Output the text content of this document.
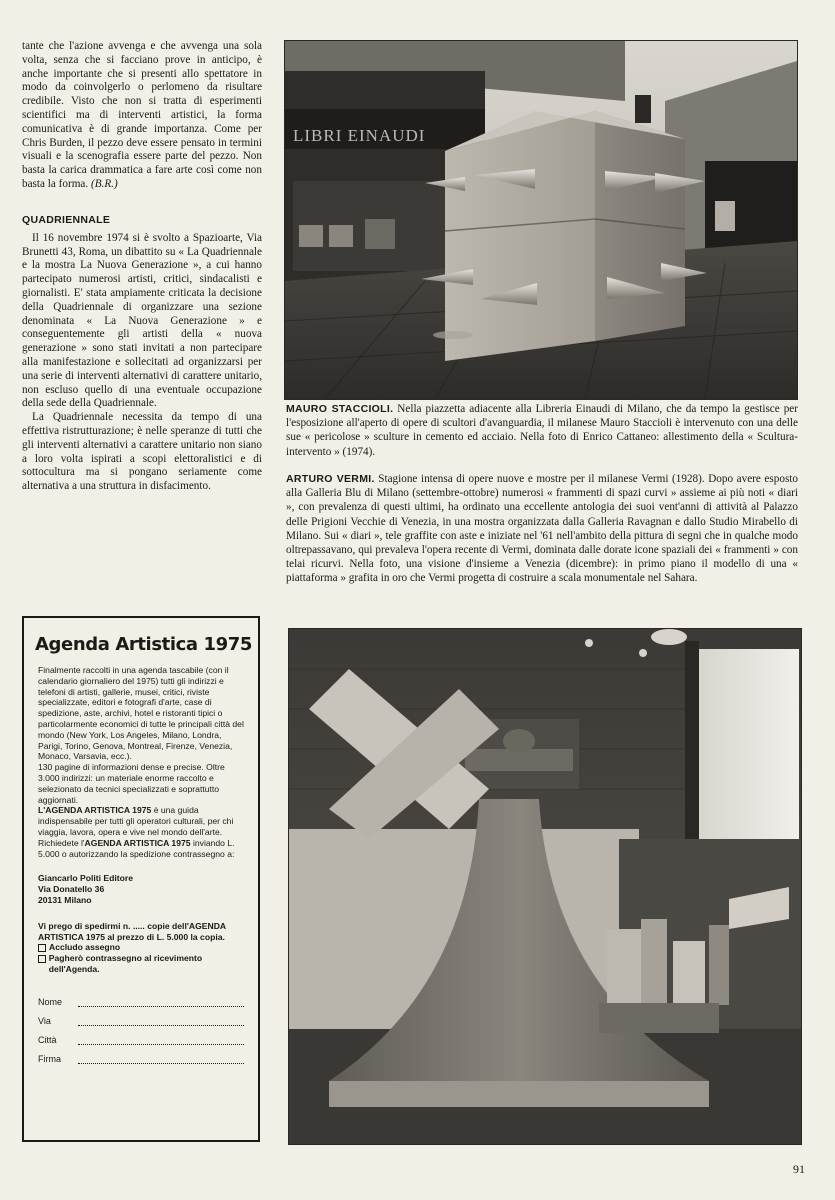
tante che l'azione avvenga e che avvenga una sola volta, senza che si facciano prove in anticipo, è anche importante che si presenti allo spettatore in modo da coinvolgerlo o perlomeno da risultare credibile. Visto che non si tratta di esperimenti scientifici ma di interventi artistici, la forma comunicativa è di grande importanza. Come per Chris Burden, il pezzo deve essere pensato in termini visuali e la scenografia essere parte del pezzo. Non basta la carica drammatica a fare arte così come non basta la forma. (B.R.)

QUADRIENNALE

Il 16 novembre 1974 si è svolto a Spazioarte, Via Brunetti 43, Roma, un dibattito su « La Quadriennale e la mostra La Nuova Generazione », a cui hanno partecipato numerosi artisti, critici, sindacalisti e giornalisti. E' stata ampiamente criticata la decisione della Quadriennale di organizzare una sezione denominata « La Nuova Generazione » e conseguentemente gli artisti della « nuova generazione » sono stati invitati a non partecipare alla manifestazione e sollecitati ad organizzarsi per una serie di interventi alternativi di carattere unitario, non escluso quello di una eventuale occupazione della sede della Quadriennale.

La Quadriennale necessita da tempo di una effettiva ristrutturazione; è nelle speranze di tutti che gli interventi alternativi a carattere unitario non siano a loro volta ispirati a scopi elettoralistici e di sottocultura ma si pongano seriamente come alternativa a una struttura in disfacimento.

Agenda Artistica 1975

Finalmente raccolti in una agenda tascabile (con il calendario giornaliero del 1975) tutti gli indirizzi e telefoni di artisti, gallerie, musei, critici, riviste specializzate, editori e fotografi d'arte, case di spedizione, aste, archivi, hotel e ristoranti tipici o particolarmente economici di tutte le principali città del mondo (New York, Los Angeles, Milano, Londra, Parigi, Torino, Genova, Montreal, Firenze, Venezia, Monaco, Varsavia, ecc.).

130 pagine di informazioni dense e precise. Oltre 3.000 indirizzi: un materiale enorme raccolto e selezionato da tecnici specializzati e soprattutto aggiornati.

L'AGENDA ARTISTICA 1975 è una guida indispensabile per tutti gli operatori culturali, per chi viaggia, lavora, opera e vive nel mondo dell'arte.

Richiedete l'AGENDA ARTISTICA 1975 inviando L. 5.000 o autorizzando la spedizione contrassegno a:

Giancarlo Politi Editore
Via Donatello 36
20131 Milano
Vi prego di spedirmi n. ..... copie dell'AGENDA ARTISTICA 1975 al prezzo di L. 5.000 la copia.
Accludo assegno
Pagherò contrassegno al ricevimento dell'Agenda.
Nome
Via
Città
Firma
LIBRI EINAUDI
MAURO STACCIOLI. Nella piazzetta adiacente alla Libreria Einaudi di Milano, che da tempo la gestisce per l'esposizione all'aperto di opere di scultori d'avanguardia, il milanese Mauro Staccioli è intervenuto con una delle sue « pericolose » sculture in cemento ed acciaio. Nella foto di Enrico Cattaneo: allestimento della « Scultura-intervento » (1974).
ARTURO VERMI. Stagione intensa di opere nuove e mostre per il milanese Vermi (1928). Dopo avere esposto alla Galleria Blu di Milano (settembre-ottobre) numerosi « frammenti di spazi curvi » assieme ai più noti « diari », con prevalenza di questi ultimi, ha ordinato una eccellente antologia dei suoi vent'anni di attività al Palazzo delle Prigioni Vecchie di Venezia, in una mostra organizzata dalla Galleria Ravagnan e dallo Studio Mirabello di Milano. Sui « diari », tele graffite con aste e iniziate nel '61 nell'ambito della pittura di segni che in qualche modo oltrepassavano, qui prevaleva l'opera recente di Vermi, dominata dalle dorate icone spaziali dei « frammenti » con telai ricurvi. Nella foto, una visione d'insieme a Venezia (dicembre): in primo piano il modello di una « piattaforma » grafita in oro che Vermi progetta di costruire a scala monumentale nel Sahara.
91
